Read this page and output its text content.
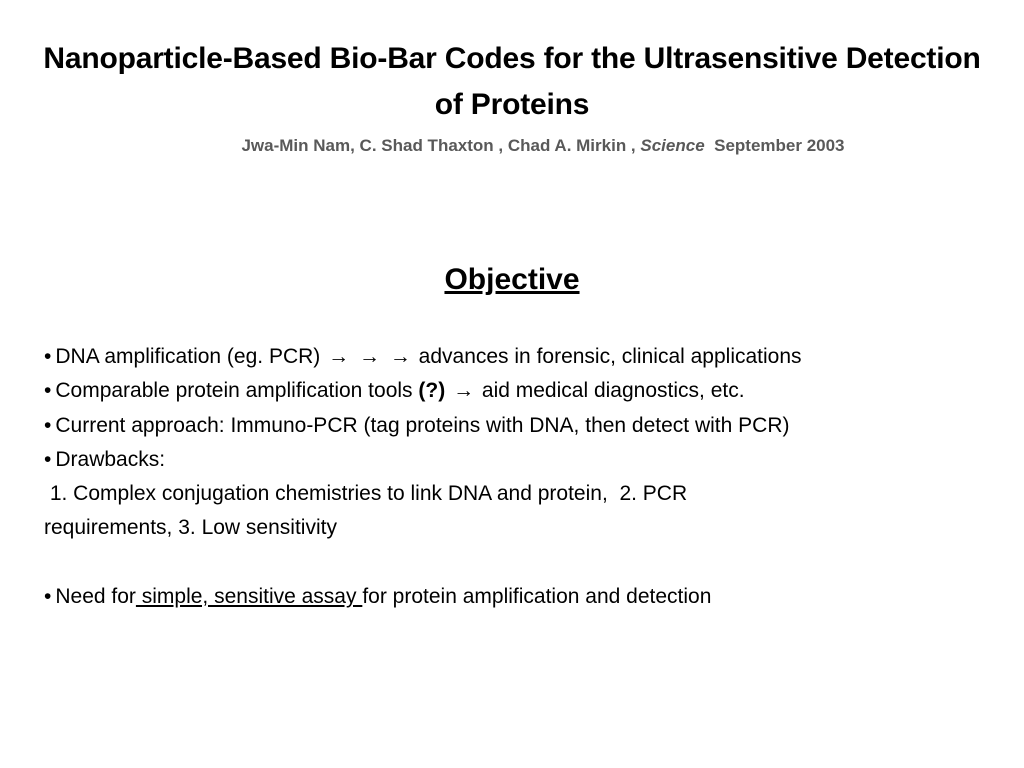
Nanoparticle-Based Bio-Bar Codes for the Ultrasensitive Detection of Proteins
Jwa-Min Nam, C. Shad Thaxton , Chad A. Mirkin , Science September 2003
Objective
• DNA amplification (eg. PCR) → → → advances in forensic, clinical applications
• Comparable protein amplification tools (?) → aid medical diagnostics, etc.
• Current approach: Immuno-PCR (tag proteins with DNA, then detect with PCR)
• Drawbacks:
1. Complex conjugation chemistries to link DNA and protein,  2. PCR
requirements, 3. Low sensitivity
• Need for simple, sensitive assay for protein amplification and detection
